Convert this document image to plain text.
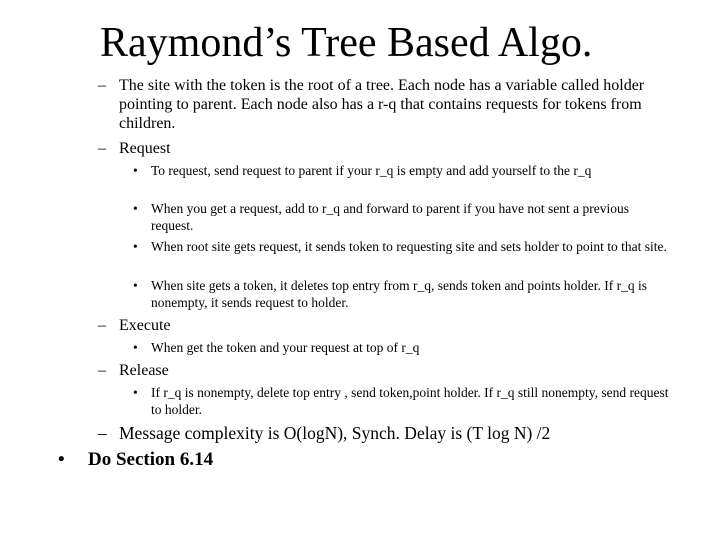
Raymond’s Tree Based Algo.
– The site with the token is the root of a tree. Each node has a variable called holder pointing to parent. Each node also has a r-q that contains requests for tokens from children.
– Request
• To request, send request to parent if your r_q is empty and add yourself to the r_q
• When you get a request, add to r_q and forward to parent if you have not sent a previous request.
• When root site gets request, it sends token to requesting site and sets holder to point to that site.
• When site gets a token, it deletes top entry from r_q, sends token and points holder. If r_q is nonempty, it sends request to holder.
– Execute
• When get the token and your request at top of r_q
– Release
• If r_q is nonempty, delete top entry , send token,point holder. If r_q still nonempty, send request to holder.
– Message complexity is O(logN), Synch. Delay is (T log N) /2
•	Do Section 6.14
